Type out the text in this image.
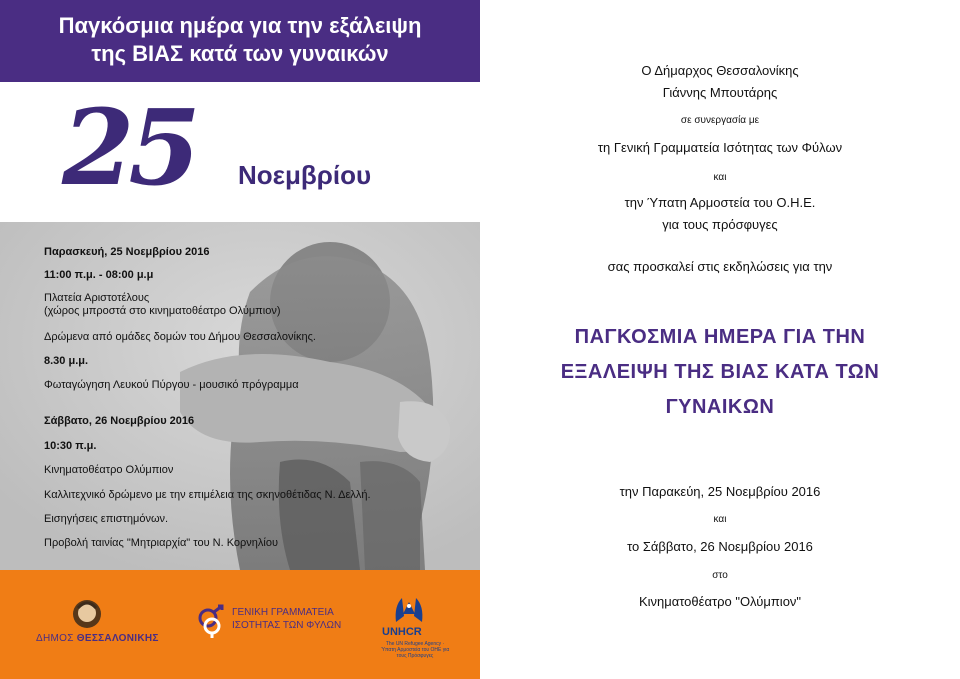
Παγκόσμια ημέρα για την εξάλειψη
της ΒΙΑΣ κατά των γυναικών
25 Νοεμβρίου
Παρασκευή, 25 Νοεμβρίου 2016
11:00 π.μ. - 08:00 μ.μ
Πλατεία Αριστοτέλους
(χώρος μπροστά στο κινηματοθέατρο Ολύμπιον)
Δρώμενα από ομάδες δομών του Δήμου Θεσσαλονίκης.
8.30 μ.μ.
Φωταγώγηση Λευκού Πύργου - μουσικό πρόγραμμα
Σάββατο, 26 Νοεμβρίου 2016
10:30 π.μ.
Κινηματοθέατρο Ολύμπιον
Καλλιτεχνικό δρώμενο με την επιμέλεια της σκηνοθέτιδας Ν. Δελλή.
Εισηγήσεις επιστημόνων.
Προβολή ταινίας "Μητριαρχία" του Ν. Κορνηλίου
ΔΗΜΟΣ ΘΕΣΣΑΛΟΝΙΚΗΣ
ΓΕΝΙΚΗ ΓΡΑΜΜΑΤΕΙΑ
ΙΣΟΤΗΤΑΣ ΤΩΝ ΦΥΛΩΝ
UNHCR
The UN Refugee Agency · Ύπατη Αρμοστεία του ΟΗΕ για τους Πρόσφυγες
Ο Δήμαρχος Θεσσαλονίκης
Γιάννης Μπουτάρης
σε συνεργασία με
τη Γενική Γραμματεία Ισότητας των Φύλων
και
την Ύπατη Αρμοστεία του Ο.Η.Ε.
για τους πρόσφυγες
σας προσκαλεί στις εκδηλώσεις για την
ΠΑΓΚΟΣΜΙΑ ΗΜΕΡΑ ΓΙΑ ΤΗΝ
ΕΞΑΛΕΙΨΗ ΤΗΣ ΒΙΑΣ ΚΑΤΑ ΤΩΝ
ΓΥΝΑΙΚΩΝ
την Παρακεύη, 25 Νοεμβρίου 2016
και
το Σάββατο, 26 Νοεμβρίου 2016
στο
Κινηματοθέατρο "Ολύμπιον"
